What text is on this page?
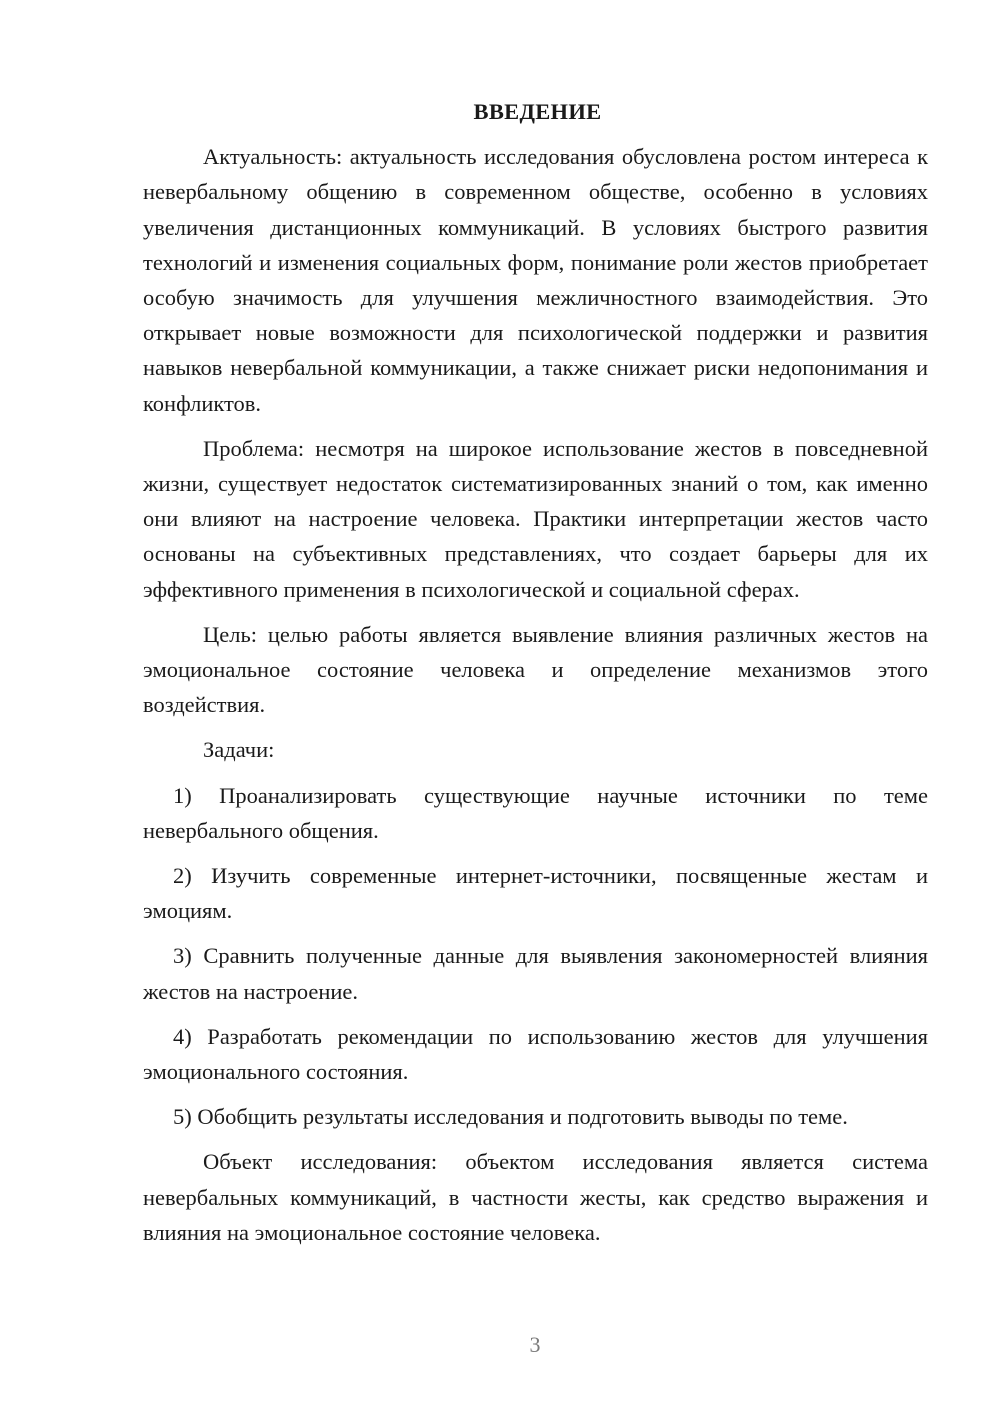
ВВЕДЕНИЕ

Актуальность: актуальность исследования обусловлена ростом интереса к невербальному общению в современном обществе, особенно в условиях увеличения дистанционных коммуникаций. В условиях быстрого развития технологий и изменения социальных форм, понимание роли жестов приобретает особую значимость для улучшения межличностного взаимодействия. Это открывает новые возможности для психологической поддержки и развития навыков невербальной коммуникации, а также снижает риски недопонимания и конфликтов.

Проблема: несмотря на широкое использование жестов в повседневной жизни, существует недостаток систематизированных знаний о том, как именно они влияют на настроение человека. Практики интерпретации жестов часто основаны на субъективных представлениях, что создает барьеры для их эффективного применения в психологической и социальной сферах.

Цель: целью работы является выявление влияния различных жестов на эмоциональное состояние человека и определение механизмов этого воздействия.

Задачи:

1) Проанализировать существующие научные источники по теме невербального общения.

2) Изучить современные интернет-источники, посвященные жестам и эмоциям.

3) Сравнить полученные данные для выявления закономерностей влияния жестов на настроение.

4) Разработать рекомендации по использованию жестов для улучшения эмоционального состояния.

5) Обобщить результаты исследования и подготовить выводы по теме.

Объект исследования: объектом исследования является система невербальных коммуникаций, в частности жесты, как средство выражения и влияния на эмоциональное состояние человека.

3
